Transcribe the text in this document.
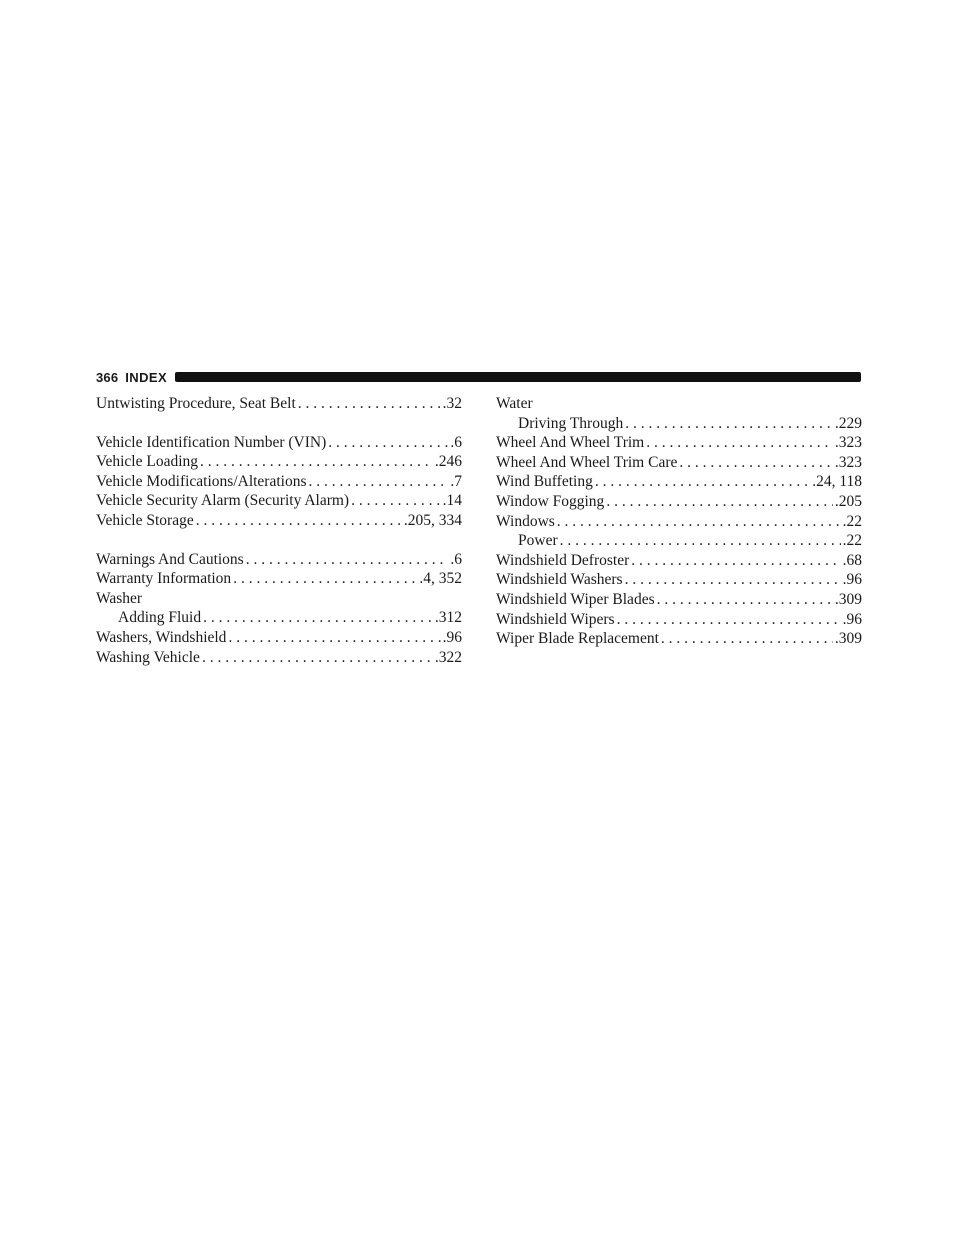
366 INDEX
Untwisting Procedure, Seat Belt . . .	.32
Vehicle Identification Number (VIN) . . .	.6
Vehicle Loading . . .	.246
Vehicle Modifications/Alterations . . .	.7
Vehicle Security Alarm (Security Alarm) . . .	.14
Vehicle Storage . . .	.205, 334
Warnings And Cautions . . .	.6
Warranty Information . . .	.4, 352
Washer
Adding Fluid . . .	.312
Washers, Windshield . . .	.96
Washing Vehicle . . .	.322
Water
Driving Through . . .	.229
Wheel And Wheel Trim . . .	.323
Wheel And Wheel Trim Care . . .	.323
Wind Buffeting . . .	.24, 118
Window Fogging . . .	.205
Windows . . .	.22
Power . . .	.22
Windshield Defroster . . .	.68
Windshield Washers . . .	.96
Windshield Wiper Blades . . .	.309
Windshield Wipers . . .	.96
Wiper Blade Replacement . . .	.309
